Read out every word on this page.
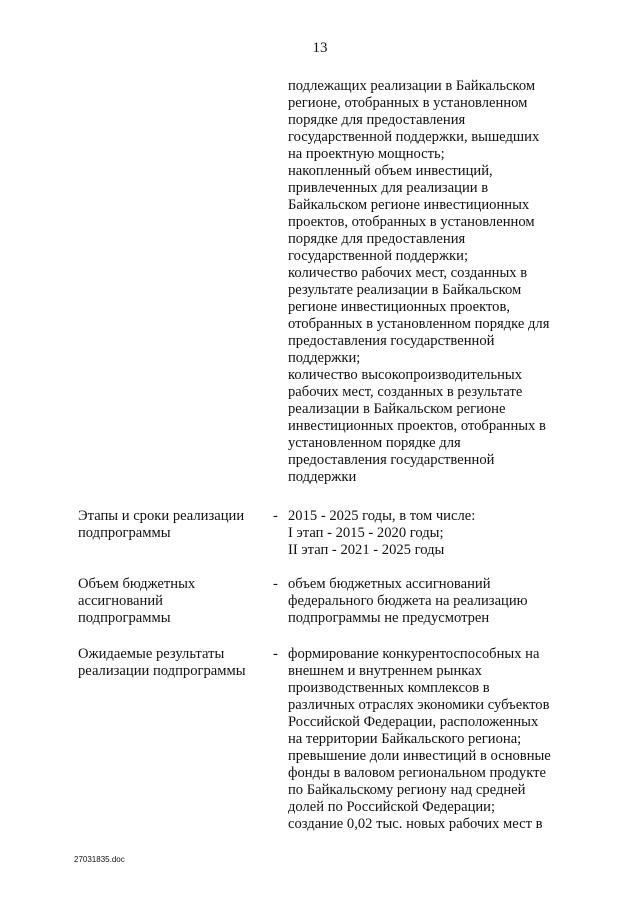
13
подлежащих реализации в Байкальском
регионе, отобранных в установленном
порядке для предоставления
государственной поддержки, вышедших
на проектную мощность;
накопленный объем инвестиций,
привлеченных для реализации в
Байкальском регионе инвестиционных
проектов, отобранных в установленном
порядке для предоставления
государственной поддержки;
количество рабочих мест, созданных в
результате реализации в Байкальском
регионе инвестиционных проектов,
отобранных в установленном порядке для
предоставления государственной
поддержки;
количество высокопроизводительных
рабочих мест, созданных в результате
реализации в Байкальском регионе
инвестиционных проектов, отобранных в
установленном порядке для
предоставления государственной
поддержки
Этапы и сроки реализации
подпрограммы
- 2015 - 2025 годы, в том числе:
I этап - 2015 - 2020 годы;
II этап - 2021 - 2025 годы
Объем бюджетных
ассигнований
подпрограммы
- объем бюджетных ассигнований
федерального бюджета на реализацию
подпрограммы не предусмотрен
Ожидаемые результаты
реализации подпрограммы
- формирование конкурентоспособных на
внешнем и внутреннем рынках
производственных комплексов в
различных отраслях экономики субъектов
Российской Федерации, расположенных
на территории Байкальского региона;
превышение доли инвестиций в основные
фонды в валовом региональном продукте
по Байкальскому региону над средней
долей по Российской Федерации;
создание 0,02 тыс. новых рабочих мест в
27031835.doc
